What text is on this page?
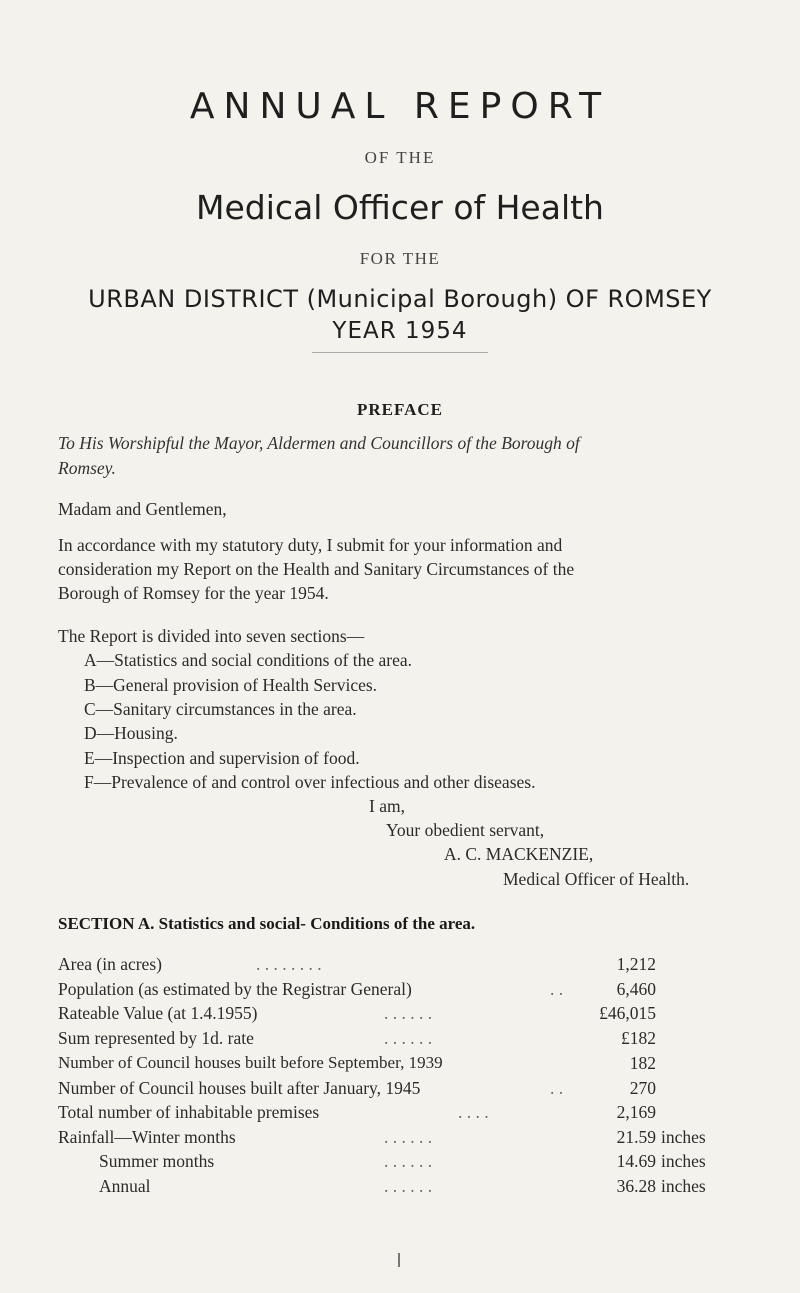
ANNUAL REPORT
OF THE
Medical Officer of Health
FOR THE
URBAN DISTRICT (Municipal Borough) OF ROMSEY
YEAR 1954
PREFACE
To His Worshipful the Mayor, Aldermen and Councillors of the Borough of
Romsey.
Madam and Gentlemen,
In accordance with my statutory duty, I submit for your information and
consideration my Report on the Health and Sanitary Circumstances of the
Borough of Romsey for the year 1954.
The Report is divided into seven sections—
A—Statistics and social conditions of the area.
B—General provision of Health Services.
C—Sanitary circumstances in the area.
D—Housing.
E—Inspection and supervision of food.
F—Prevalence of and control over infectious and other diseases.
I am,
Your obedient servant,
A. C. MACKENZIE,
Medical Officer of Health.
SECTION A. Statistics and social- Conditions of the area.
Area (in acres)	. . . . . . . .	1,212
Population (as estimated by the Registrar General)	. .	6,460
Rateable Value (at 1.4.1955)	. . . . . .	£46,015
Sum represented by 1d. rate	. . . . . .	£182
Number of Council houses built before September, 1939	182
Number of Council houses built after January, 1945	. .	270
Total number of inhabitable premises	. . . .	2,169
Rainfall—Winter months	. . . . . .	21.59 inches
Summer months	. . . . . .	14.69 inches
Annual	. . . . . .	36.28 inches
